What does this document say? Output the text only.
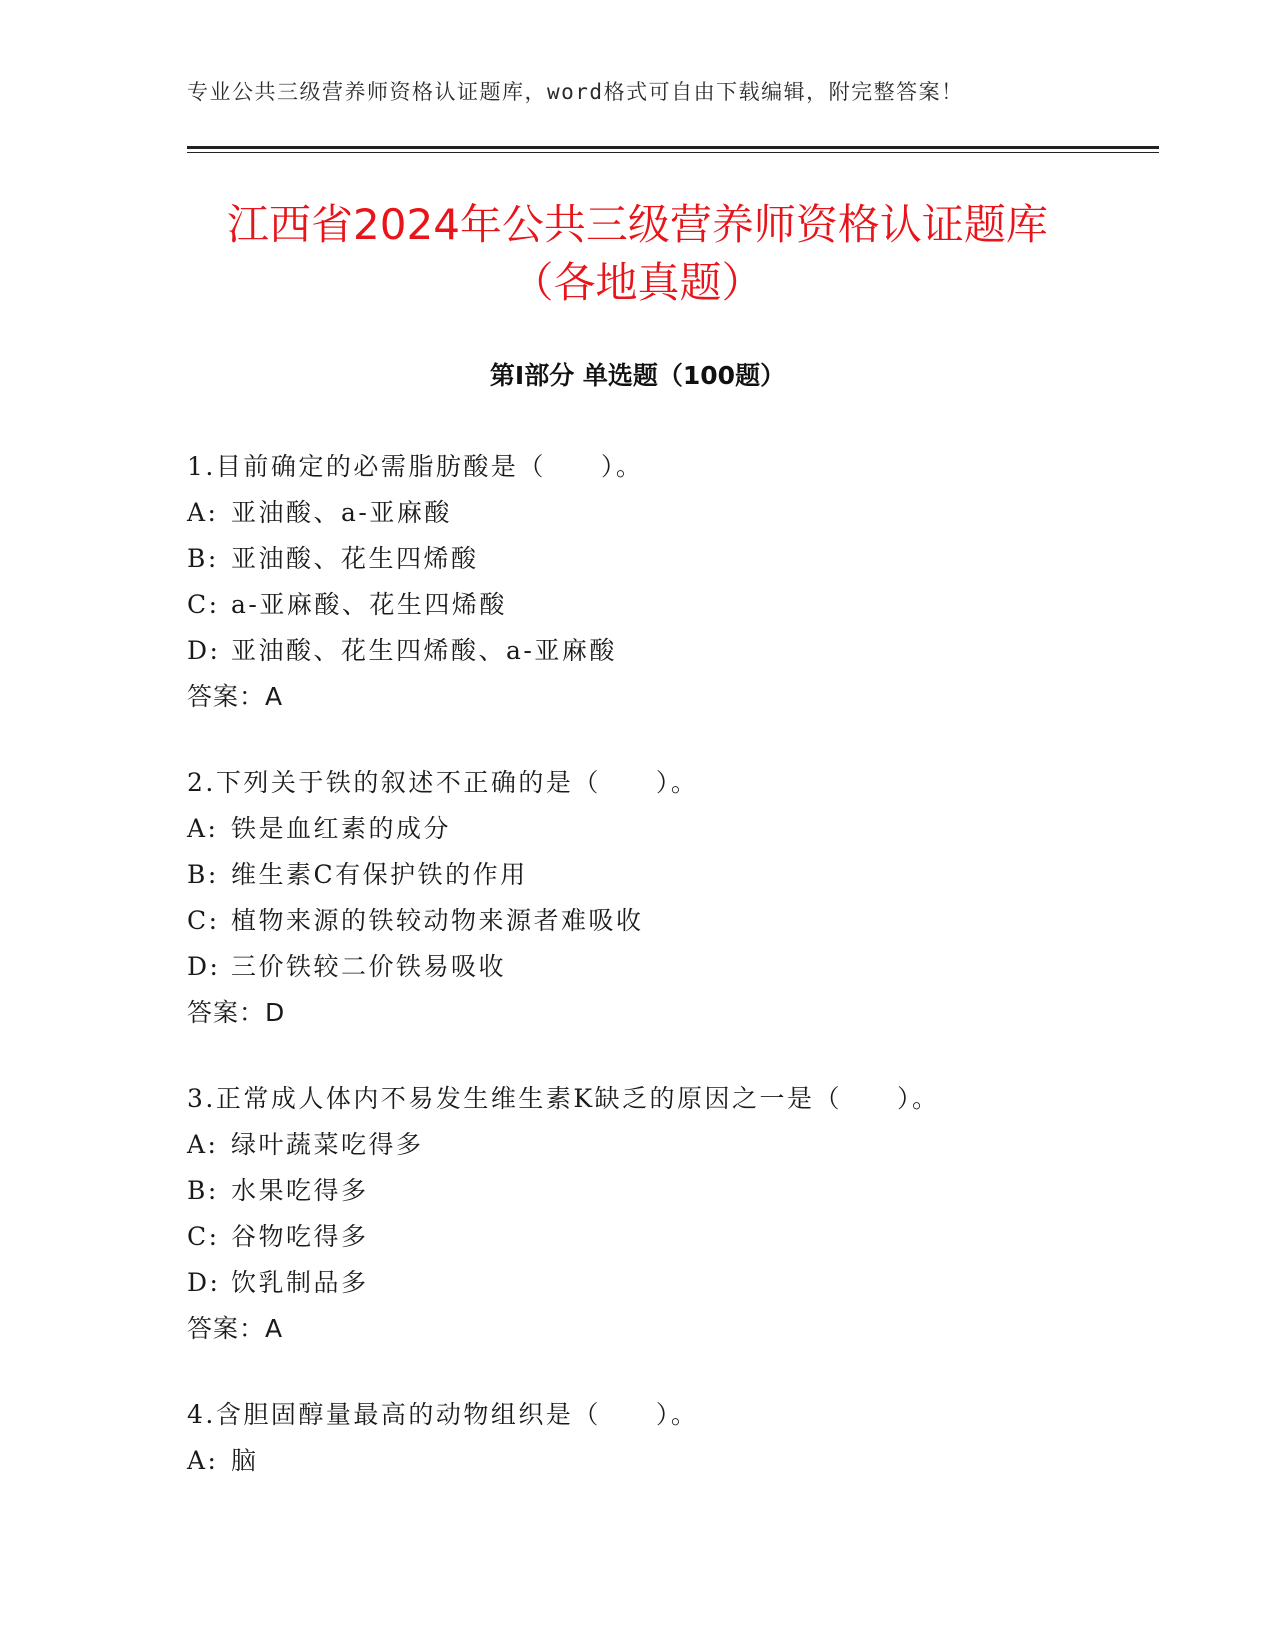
专业公共三级营养师资格认证题库，word格式可自由下载编辑，附完整答案！
江西省2024年公共三级营养师资格认证题库
（各地真题）
第Ⅰ部分 单选题（100题）
1.目前确定的必需脂肪酸是（　　）。
A: 亚油酸、a-亚麻酸
B: 亚油酸、花生四烯酸
C: a-亚麻酸、花生四烯酸
D: 亚油酸、花生四烯酸、a-亚麻酸
答案：A
2.下列关于铁的叙述不正确的是（　　）。
A: 铁是血红素的成分
B: 维生素C有保护铁的作用
C: 植物来源的铁较动物来源者难吸收
D: 三价铁较二价铁易吸收
答案：D
3.正常成人体内不易发生维生素K缺乏的原因之一是（　　）。
A: 绿叶蔬菜吃得多
B: 水果吃得多
C: 谷物吃得多
D: 饮乳制品多
答案：A
4.含胆固醇量最高的动物组织是（　　）。
A: 脑
